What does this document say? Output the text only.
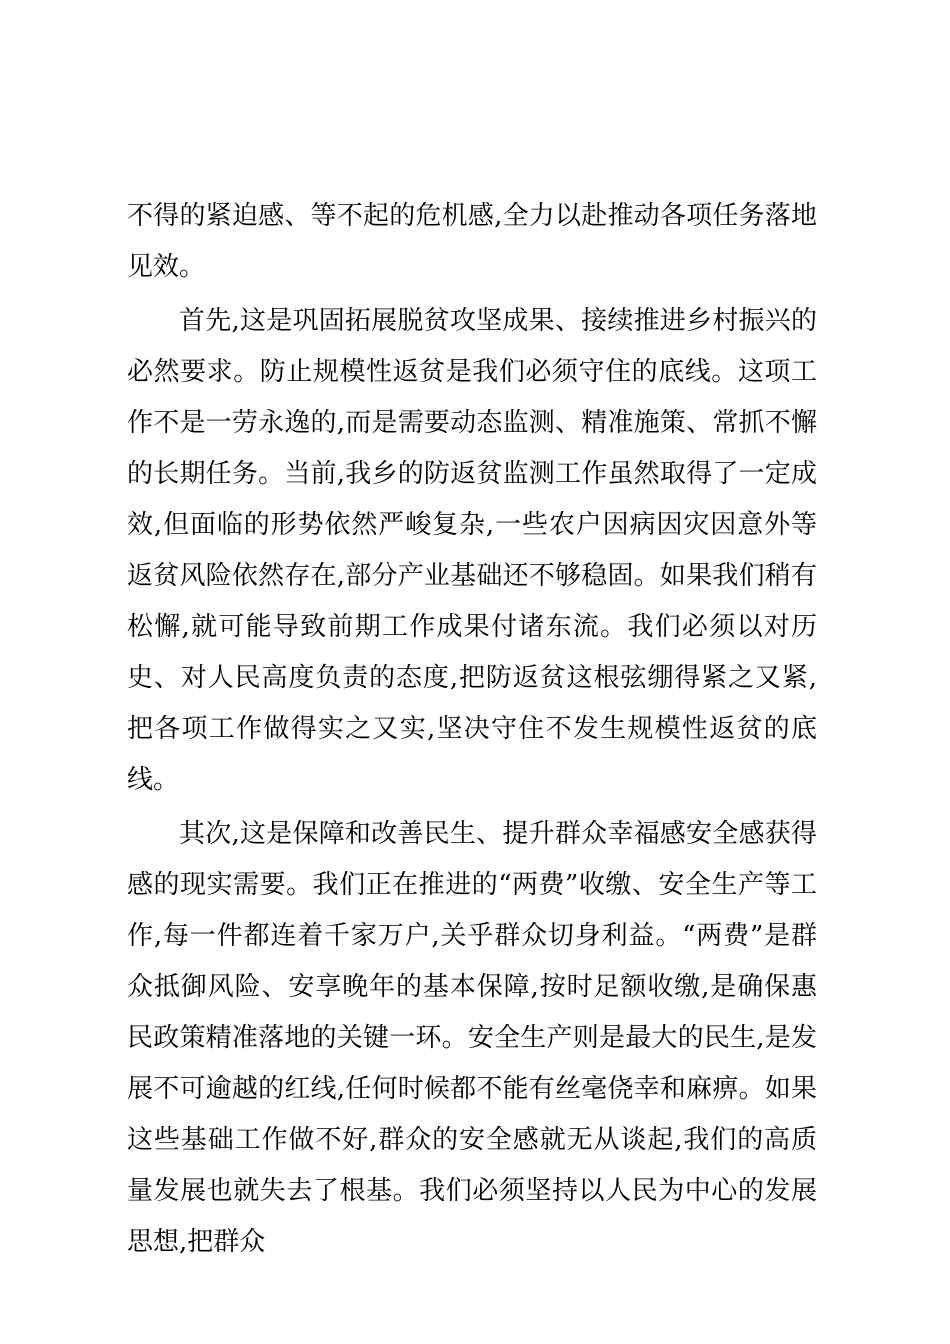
不得的紧迫感、等不起的危机感,全力以赴推动各项任务落地见效。

首先,这是巩固拓展脱贫攻坚成果、接续推进乡村振兴的必然要求。防止规模性返贫是我们必须守住的底线。这项工作不是一劳永逸的,而是需要动态监测、精准施策、常抓不懈的长期任务。当前,我乡的防返贫监测工作虽然取得了一定成效,但面临的形势依然严峻复杂,一些农户因病因灾因意外等返贫风险依然存在,部分产业基础还不够稳固。如果我们稍有松懈,就可能导致前期工作成果付诸东流。我们必须以对历史、对人民高度负责的态度,把防返贫这根弦绷得紧之又紧,把各项工作做得实之又实,坚决守住不发生规模性返贫的底线。

其次,这是保障和改善民生、提升群众幸福感安全感获得感的现实需要。我们正在推进的“两费”收缴、安全生产等工作,每一件都连着千家万户,关乎群众切身利益。“两费”是群众抵御风险、安享晚年的基本保障,按时足额收缴,是确保惠民政策精准落地的关键一环。安全生产则是最大的民生,是发展不可逾越的红线,任何时候都不能有丝毫侥幸和麻痹。如果这些基础工作做不好,群众的安全感就无从谈起,我们的高质量发展也就失去了根基。我们必须坚持以人民为中心的发展思想,把群众
